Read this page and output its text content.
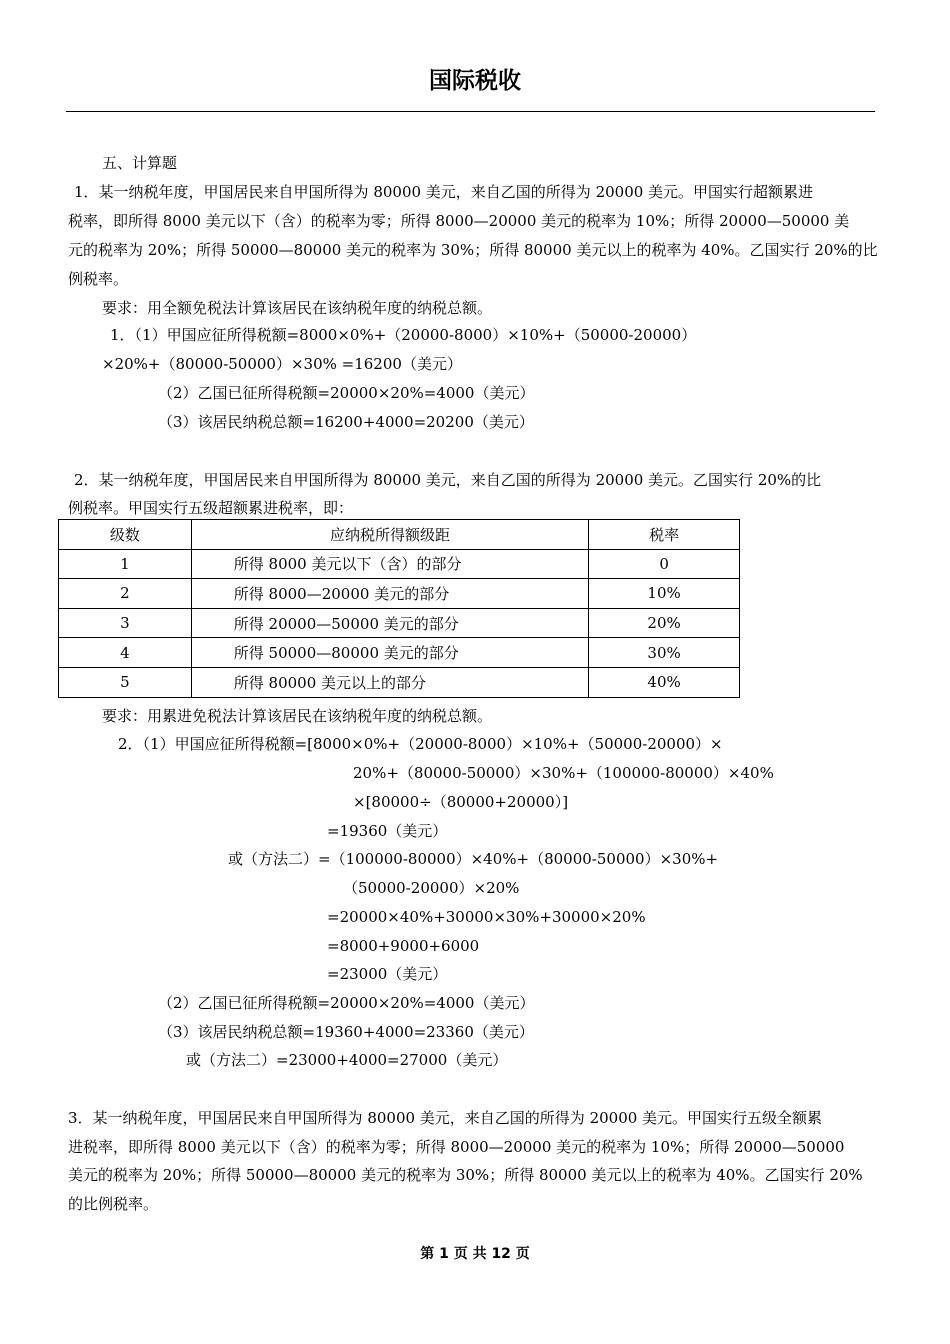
国际税收
五、计算题
1．某一纳税年度，甲国居民来自甲国所得为 80000 美元，来自乙国的所得为 20000 美元。甲国实行超额累进
税率，即所得 8000 美元以下（含）的税率为零；所得 8000—20000 美元的税率为 10%；所得 20000—50000 美
元的税率为 20%；所得 50000—80000 美元的税率为 30%；所得 80000 美元以上的税率为 40%。乙国实行 20%的比
例税率。
要求：用全额免税法计算该居民在该纳税年度的纳税总额。
1．（1）甲国应征所得税额=8000×0%+（20000-8000）×10%+（50000-20000）
×20%+（80000-50000）×30% =16200（美元）
（2）乙国已征所得税额=20000×20%=4000（美元）
（3）该居民纳税总额=16200+4000=20200（美元）
2．某一纳税年度，甲国居民来自甲国所得为 80000 美元，来自乙国的所得为 20000 美元。乙国实行 20%的比
例税率。甲国实行五级超额累进税率，即：
级数	应纳税所得额级距	税率
1	所得 8000 美元以下（含）的部分	0
2	所得 8000—20000 美元的部分	10%
3	所得 20000—50000 美元的部分	20%
4	所得 50000—80000 美元的部分	30%
5	所得 80000 美元以上的部分	40%
要求：用累进免税法计算该居民在该纳税年度的纳税总额。
2．（1）甲国应征所得税额=[8000×0%+（20000-8000）×10%+（50000-20000）×
20%+（80000-50000）×30%+（100000-80000）×40%
×[80000÷（80000+20000）]
=19360（美元）
或（方法二）=（100000-80000）×40%+（80000-50000）×30%+
（50000-20000）×20%
=20000×40%+30000×30%+30000×20%
=8000+9000+6000
=23000（美元）
（2）乙国已征所得税额=20000×20%=4000（美元）
（3）该居民纳税总额=19360+4000=23360（美元）
或（方法二）=23000+4000=27000（美元）
3．某一纳税年度，甲国居民来自甲国所得为 80000 美元，来自乙国的所得为 20000 美元。甲国实行五级全额累
进税率，即所得 8000 美元以下（含）的税率为零；所得 8000—20000 美元的税率为 10%；所得 20000—50000
美元的税率为 20%；所得 50000—80000 美元的税率为 30%；所得 80000 美元以上的税率为 40%。乙国实行 20%
的比例税率。
第 1 页 共 12 页
